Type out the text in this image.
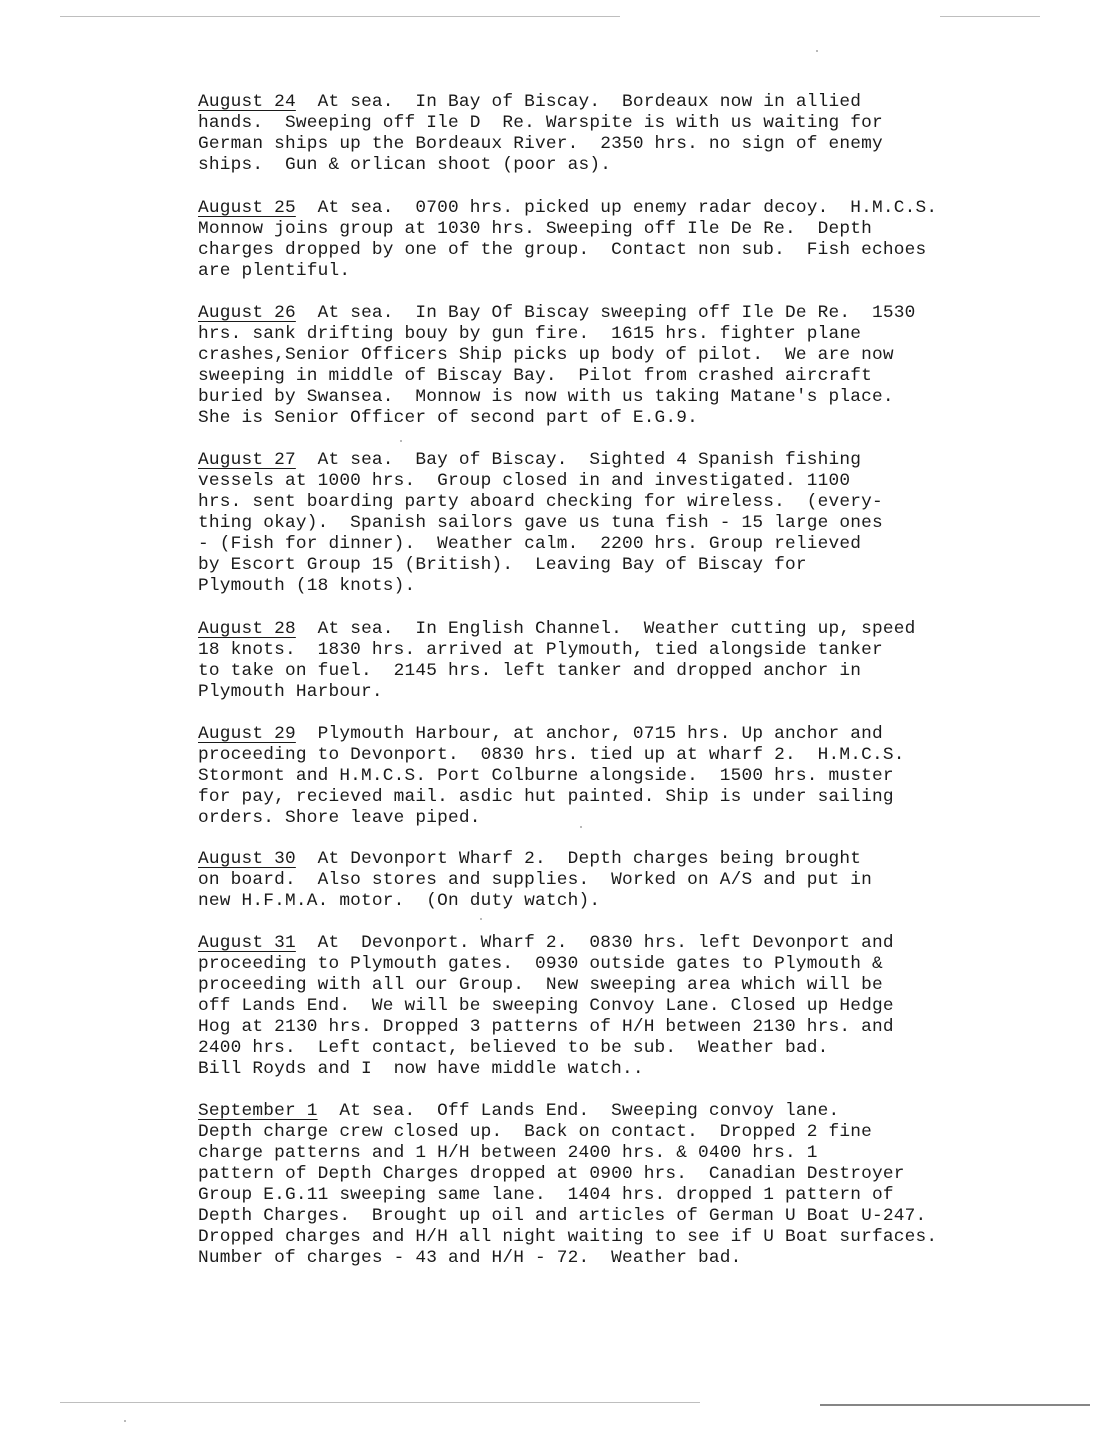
August 24  At sea.  In Bay of Biscay.  Bordeaux now in allied
hands.  Sweeping off Ile D  Re. Warspite is with us waiting for
German ships up the Bordeaux River.  2350 hrs. no sign of enemy
ships.  Gun & orlican shoot (poor as).
August 25  At sea.  0700 hrs. picked up enemy radar decoy.  H.M.C.S.
Monnow joins group at 1030 hrs. Sweeping off Ile De Re.  Depth
charges dropped by one of the group.  Contact non sub.  Fish echoes
are plentiful.
August 26  At sea.  In Bay Of Biscay sweeping off Ile De Re.  1530
hrs. sank drifting bouy by gun fire.  1615 hrs. fighter plane
crashes,Senior Officers Ship picks up body of pilot.  We are now
sweeping in middle of Biscay Bay.  Pilot from crashed aircraft
buried by Swansea.  Monnow is now with us taking Matane's place.
She is Senior Officer of second part of E.G.9.
August 27  At sea.  Bay of Biscay.  Sighted 4 Spanish fishing
vessels at 1000 hrs.  Group closed in and investigated. 1100
hrs. sent boarding party aboard checking for wireless.  (every-
thing okay).  Spanish sailors gave us tuna fish - 15 large ones
- (Fish for dinner).  Weather calm.  2200 hrs. Group relieved
by Escort Group 15 (British).  Leaving Bay of Biscay for
Plymouth (18 knots).
August 28  At sea.  In English Channel.  Weather cutting up, speed
18 knots.  1830 hrs. arrived at Plymouth, tied alongside tanker
to take on fuel.  2145 hrs. left tanker and dropped anchor in
Plymouth Harbour.
August 29  Plymouth Harbour, at anchor, 0715 hrs. Up anchor and
proceeding to Devonport.  0830 hrs. tied up at wharf 2.  H.M.C.S.
Stormont and H.M.C.S. Port Colburne alongside.  1500 hrs. muster
for pay, recieved mail. asdic hut painted. Ship is under sailing
orders. Shore leave piped.
August 30  At Devonport Wharf 2.  Depth charges being brought
on board.  Also stores and supplies.  Worked on A/S and put in
new H.F.M.A. motor.  (On duty watch).
August 31  At  Devonport. Wharf 2.  0830 hrs. left Devonport and
proceeding to Plymouth gates.  0930 outside gates to Plymouth &
proceeding with all our Group.  New sweeping area which will be
off Lands End.  We will be sweeping Convoy Lane. Closed up Hedge
Hog at 2130 hrs. Dropped 3 patterns of H/H between 2130 hrs. and
2400 hrs.  Left contact, believed to be sub.  Weather bad.
Bill Royds and I  now have middle watch..
September 1  At sea.  Off Lands End.  Sweeping convoy lane.
Depth charge crew closed up.  Back on contact.  Dropped 2 fine
charge patterns and 1 H/H between 2400 hrs. & 0400 hrs. 1
pattern of Depth Charges dropped at 0900 hrs.  Canadian Destroyer
Group E.G.11 sweeping same lane.  1404 hrs. dropped 1 pattern of
Depth Charges.  Brought up oil and articles of German U Boat U-247.
Dropped charges and H/H all night waiting to see if U Boat surfaces.
Number of charges - 43 and H/H - 72.  Weather bad.
